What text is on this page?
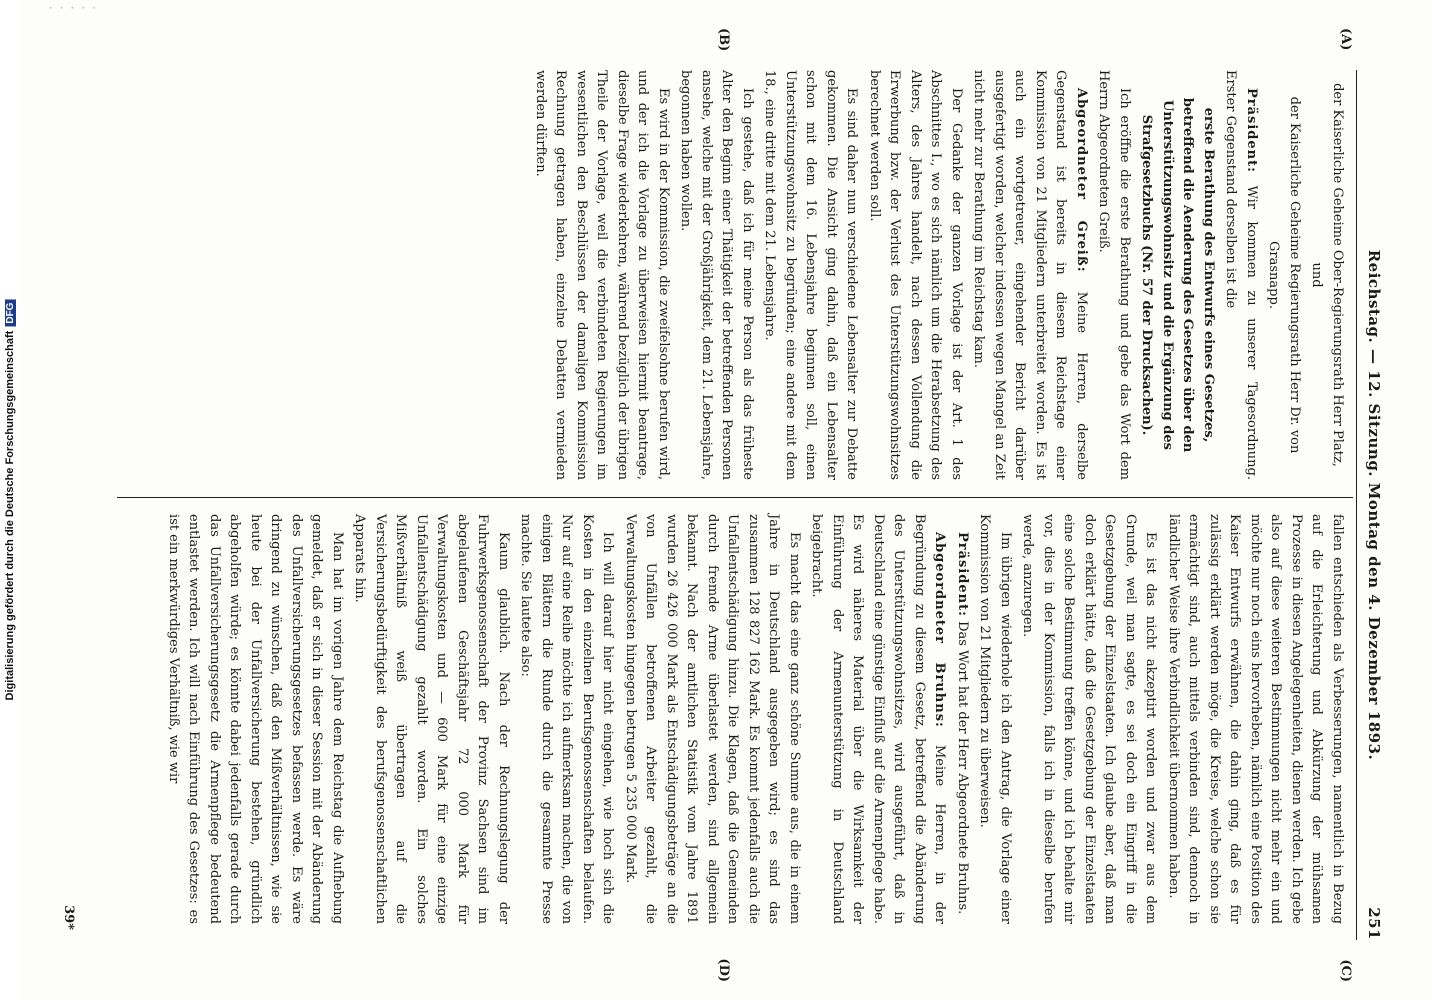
Digitalisierung gefördert durch die Deutsche ForschungsgemeinschaftDFG
· · · · ·
Reichstag. — 12. Sitzung. Montag den 4. Dezember 1893.
251
(A)
(B)
(C)
(D)

der Kaiserliche Geheime Ober-Regierungsrath Herr Platz, und

der Kaiserliche Geheime Regierungsrath Herr Dr. von Grasnapp.

Präsident: Wir kommen zu unserer Tagesordnung. Erster Gegenstand derselben ist die

erste Berathung des Entwurfs eines Gesetzes, betreffend die Aenderung des Gesetzes über den Unterstützungswohnsitz und die Ergänzung des Strafgesetzbuchs (Nr. 57 der Drucksachen).

Ich eröffne die erste Berathung und gebe das Wort dem Herrn Abgeordneten Greiß.

Abgeordneter Greiß: Meine Herren, derselbe Gegenstand ist bereits in diesem Reichstage einer Kommission von 21 Mitgliedern unterbreitet worden. Es ist auch ein wortgetreuer, eingehender Bericht darüber ausgefertigt worden, welcher indessen wegen Mangel an Zeit nicht mehr zur Berathung im Reichstag kam.

Der Gedanke der ganzen Vorlage ist der Art. 1 des Abschnittes I., wo es sich nämlich um die Herabsetzung des Alters, des Jahres handelt, nach dessen Vollendung die Erwerbung bzw. der Verlust des Unterstützungswohnsitzes berechnet werden soll.

Es sind daher nun verschiedene Lebensalter zur Debatte gekommen. Die Ansicht ging dahin, daß ein Lebensalter schon mit dem 16. Lebensjahre beginnen soll, einen Unterstützungswohnsitz zu begründen; eine andere mit dem 18., eine dritte mit dem 21. Lebensjahre.

Ich gestehe, daß ich für meine Person als das früheste Alter den Beginn einer Thätigkeit der betreffenden Personen ansehe, welche mit der Großjährigkeit, dem 21. Lebensjahre, begonnen haben wollen.

Es wird in der Kommission, die zweifelsohne berufen wird, und der ich die Vorlage zu überweisen hiermit beantrage, dieselbe Frage wiederkehren, während bezüglich der übrigen Theile der Vorlage, weil die verbündeten Regierungen im wesentlichen den Beschlüssen der damaligen Kommission Rechnung getragen haben, einzelne Debatten vermieden werden dürften.

fallen entschieden als Verbesserungen, namentlich in Bezug auf die Erleichterung und Abkürzung der mühsamen Prozesse in diesen Angelegenheiten, dienen werden. Ich gebe also auf diese weiteren Bestimmungen nicht mehr ein und möchte nur noch eins hervorheben, nämlich eine Position des Kaiser Entwurfs erwähnen, die dahin ging, daß es für zulässig erklärt werden möge, die Kreise, welche schon sie ermächtigt sind, auch mittels verbinden sind, dennoch in ländlicher Weise ihre Verbindlichkeit übernommen haben.

Es ist das nicht akzeptirt worden und zwar aus dem Grunde, weil man sagte, es sei doch ein Eingriff in die Gesetzgebung der Einzelstaaten. Ich glaube aber, daß man doch erklärt hätte, daß die Gesetzgebung der Einzelstaaten eine solche Bestimmung treffen könne, und ich behalte mir vor, dies in der Kommission, falls ich in dieselbe berufen werde, anzuregen.

Im übrigen wiederhole ich den Antrag, die Vorlage einer Kommission von 21 Mitgliedern zu überweisen.

Präsident: Das Wort hat der Herr Abgeordnete Bruhns.

Abgeordneter Bruhns: Meine Herren, in der Begründung zu diesem Gesetz, betreffend die Abänderung des Unterstützungswohnsitzes, wird ausgeführt, daß in Deutschland eine günstige Einfluß auf die Armenpflege habe. Es wird näheres Material über die Wirksamkeit der Einführung der Armenunterstützung in Deutschland beigebracht.

Es macht das eine ganz schöne Summe aus, die in einem Jahre in Deutschland ausgegeben wird; es sind das zusammen 128 827 162 Mark. Es kommt jedenfalls auch die Unfallentschädigung hinzu. Die Klagen, daß die Gemeinden durch fremde Arme überlastet werden, sind allgemein bekannt. Nach der amtlichen Statistik vom Jahre 1891 wurden 26 426 000 Mark als Entschädigungsbeträge an die von Unfällen betroffenen Arbeiter gezahlt, die Verwaltungskosten hingegen betrugen 5 235 000 Mark.

Ich will darauf hier nicht eingehen, wie hoch sich die Kosten in den einzelnen Berufsgenossenschaften belaufen. Nur auf eine Reihe möchte ich aufmerksam machen, die von einigen Blättern die Runde durch die gesammte Presse machte. Sie lautete also:

Kaum glaublich. Nach der Rechnungslegung der Fuhrwerksgenossenschaft der Provinz Sachsen sind im abgelaufenen Geschäftsjahr 72 000 Mark für Verwaltungskosten und — 600 Mark für eine einzige Unfallentschädigung gezahlt worden. Ein solches Mißverhältniß weiß übertragen auf die Versicherungsbedürftigkeit des berufsgenossenschaftlichen Apparats hin.

Man hat im vorigen Jahre dem Reichstag die Aufhebung gemeldet, daß er sich in dieser Session mit der Abänderung des Unfallversicherungsgesetzes befassen werde. Es wäre dringend zu wünschen, daß den Mißverhältnissen, wie sie heute bei der Unfallversicherung bestehen, gründlich abgeholfen würde; es könnte dabei jedenfalls gerade durch das Unfallversicherungsgesetz die Armenpflege bedeutend entlastet werden. Ich will nach Einführung des Gesetzes: es ist ein merkwürdiges Verhältniß, wie wir

39*
